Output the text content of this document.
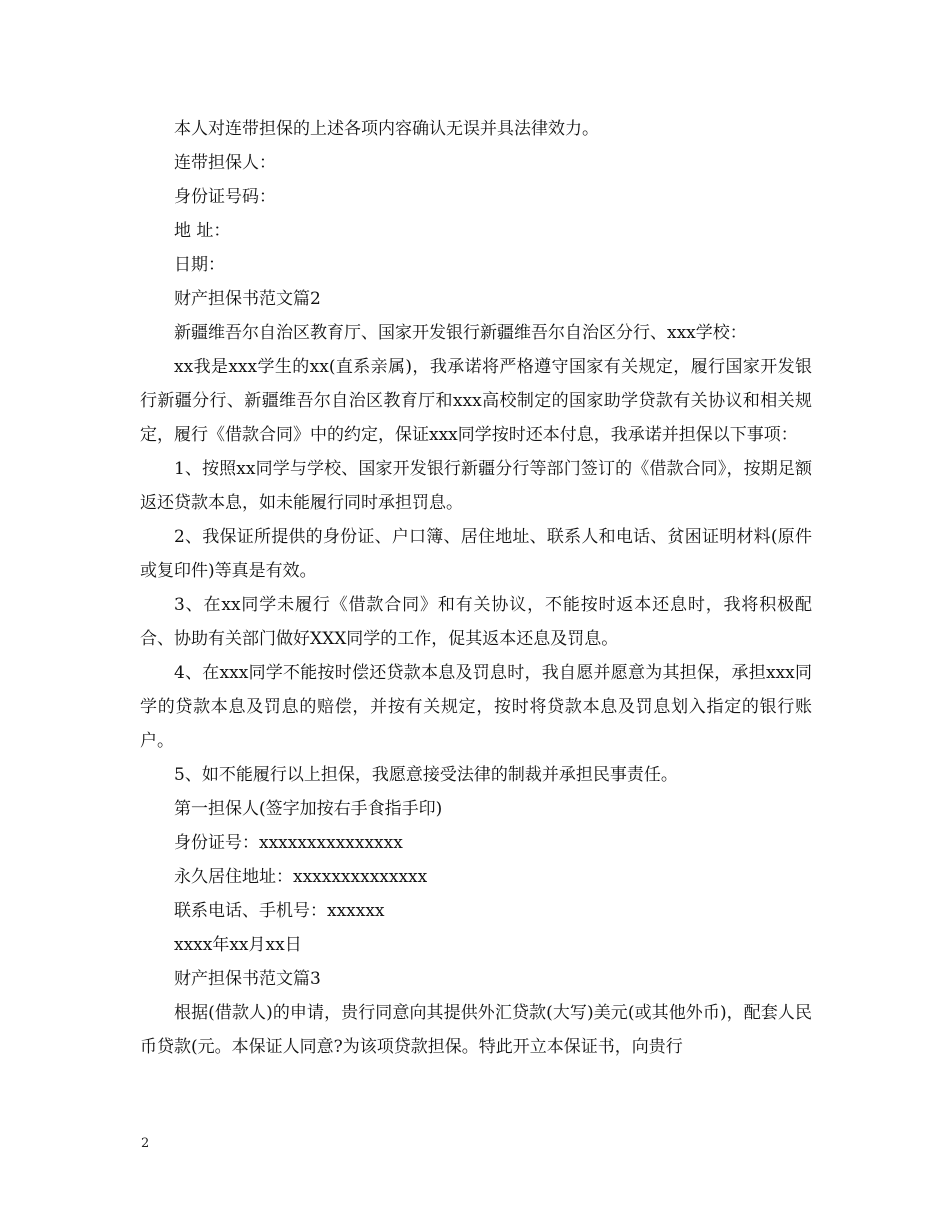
本人对连带担保的上述各项内容确认无误并具法律效力。
连带担保人：
身份证号码：
地 址：
日期：
财产担保书范文篇2
新疆维吾尔自治区教育厅、国家开发银行新疆维吾尔自治区分行、xxx学校：
xx我是xxx学生的xx(直系亲属)，我承诺将严格遵守国家有关规定，履行国家开发银行新疆分行、新疆维吾尔自治区教育厅和xxx高校制定的国家助学贷款有关协议和相关规定，履行《借款合同》中的约定，保证xxx同学按时还本付息，我承诺并担保以下事项：
1、按照xx同学与学校、国家开发银行新疆分行等部门签订的《借款合同》，按期足额返还贷款本息，如未能履行同时承担罚息。
2、我保证所提供的身份证、户口簿、居住地址、联系人和电话、贫困证明材料(原件或复印件)等真是有效。
3、在xx同学未履行《借款合同》和有关协议，不能按时返本还息时，我将积极配合、协助有关部门做好XXX同学的工作，促其返本还息及罚息。
4、在xxx同学不能按时偿还贷款本息及罚息时，我自愿并愿意为其担保，承担xxx同学的贷款本息及罚息的赔偿，并按有关规定，按时将贷款本息及罚息划入指定的银行账户。
5、如不能履行以上担保，我愿意接受法律的制裁并承担民事责任。
第一担保人(签字加按右手食指手印)
身份证号：xxxxxxxxxxxxxxx
永久居住地址：xxxxxxxxxxxxxx
联系电话、手机号：xxxxxx
xxxx年xx月xx日
财产担保书范文篇3
根据(借款人)的申请，贵行同意向其提供外汇贷款(大写)美元(或其他外币)，配套人民币贷款(元。本保证人同意?为该项贷款担保。特此开立本保证书，向贵行
2
